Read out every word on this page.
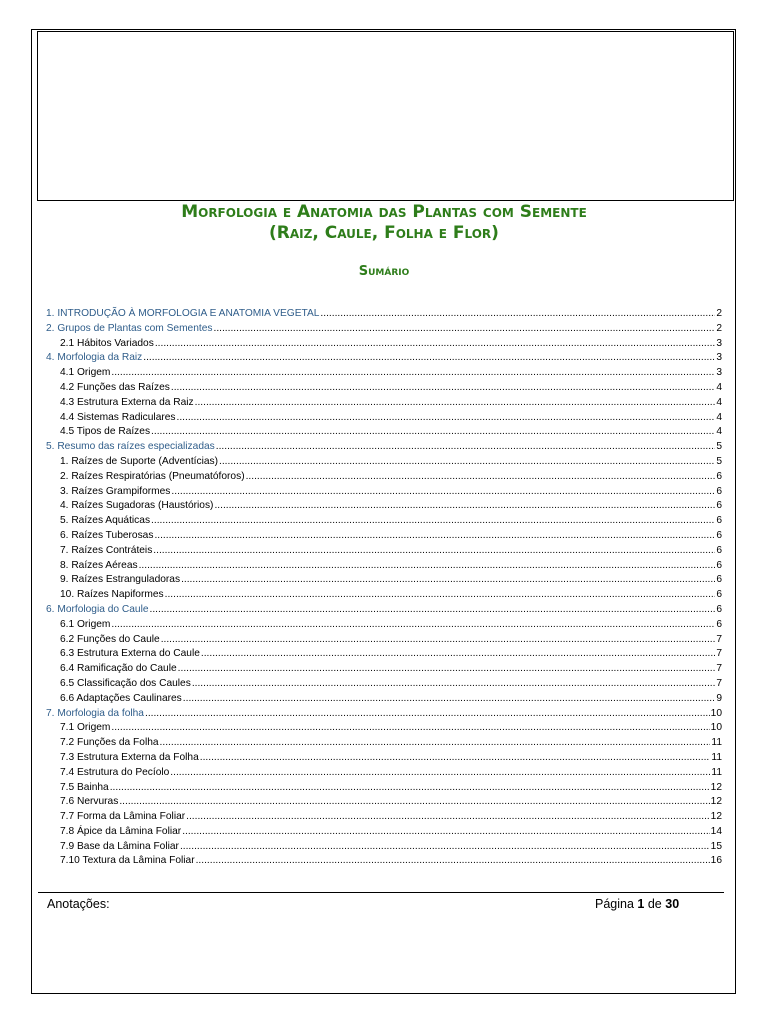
Morfologia e Anatomia das Plantas com Semente
(Raiz, Caule, Folha e Flor)
Sumário
1. INTRODUÇÃO À MORFOLOGIA E ANATOMIA VEGETAL .....	2
2. Grupos de Plantas com Sementes .....	2
2.1 Hábitos Variados .....	3
4. Morfologia da Raiz .....	3
4.1 Origem .....	3
4.2 Funções das Raízes .....	4
4.3 Estrutura Externa da Raiz .....	4
4.4 Sistemas Radiculares .....	4
4.5 Tipos de Raízes .....	4
5. Resumo das raízes especializadas .....	5
1. Raízes de Suporte (Adventícias) .....	5
2. Raízes Respiratórias (Pneumatóforos) .....	6
3. Raízes Grampiformes .....	6
4. Raízes Sugadoras (Haustórios) .....	6
5. Raízes Aquáticas .....	6
6. Raízes Tuberosas .....	6
7. Raízes Contráteis .....	6
8. Raízes Aéreas .....	6
9. Raízes Estranguladoras .....	6
10. Raízes Napiformes .....	6
6. Morfologia do Caule .....	6
6.1 Origem .....	6
6.2 Funções do Caule .....	7
6.3 Estrutura Externa do Caule .....	7
6.4 Ramificação do Caule .....	7
6.5 Classificação dos Caules .....	7
6.6 Adaptações Caulinares .....	9
7. Morfologia da folha .....	10
7.1 Origem .....	10
7.2 Funções da Folha .....	11
7.3 Estrutura Externa da Folha .....	11
7.4 Estrutura do Pecíolo .....	11
7.5 Bainha .....	12
7.6 Nervuras .....	12
7.7 Forma da Lâmina Foliar .....	12
7.8 Ápice da Lâmina Foliar .....	14
7.9 Base da Lâmina Foliar .....	15
7.10 Textura da Lâmina Foliar .....	16
Anotações:	Página 1 de 30
